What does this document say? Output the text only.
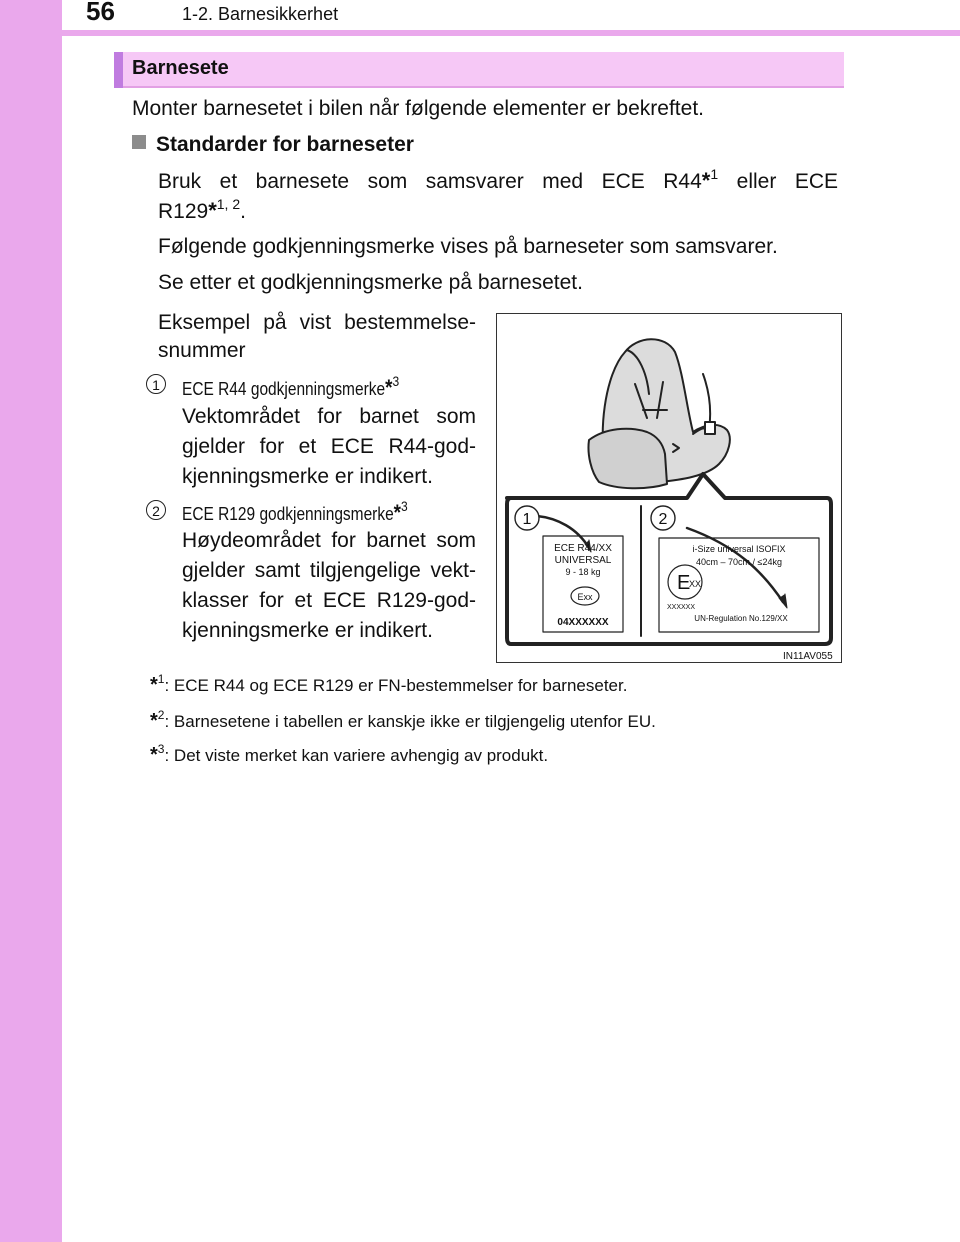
56	1-2. Barnesikkerhet
Barnesete
Monter barnesetet i bilen når følgende elementer er bekreftet.
Standarder for barneseter
Bruk et barnesete som samsvarer med ECE R44*$^1$ eller ECE
R129*$^{1, 2}$.
Følgende godkjenningsmerke vises på barneseter som samsvarer.
Se etter et godkjenningsmerke på barnesetet.
Eksempel på vist bestemmelse-
snummer
1	ECE R44 godkjenningsmerke*$^3$
Vektområdet for barnet som
gjelder for et ECE R44-god-
kjenningsmerke er indikert.
2	ECE R129 godkjenningsmerke*$^3$
Høydeområdet for barnet som
gjelder samt tilgjengelige vekt-
klasser for et ECE R129-god-
kjenningsmerke er indikert.
1	2
ECE R44/XX
UNIVERSAL
9 - 18 kg
Exx
04XXXXXX
i-Size universal ISOFIX
40cm – 70cm / ≤24kg
E
XX
XXXXXX
UN-Regulation No.129/XX
IN11AV055
*$^1$: ECE R44 og ECE R129 er FN-bestemmelser for barneseter.
*$^2$: Barnesetene i tabellen er kanskje ikke er tilgjengelig utenfor EU.
*$^3$: Det viste merket kan variere avhengig av produkt.
